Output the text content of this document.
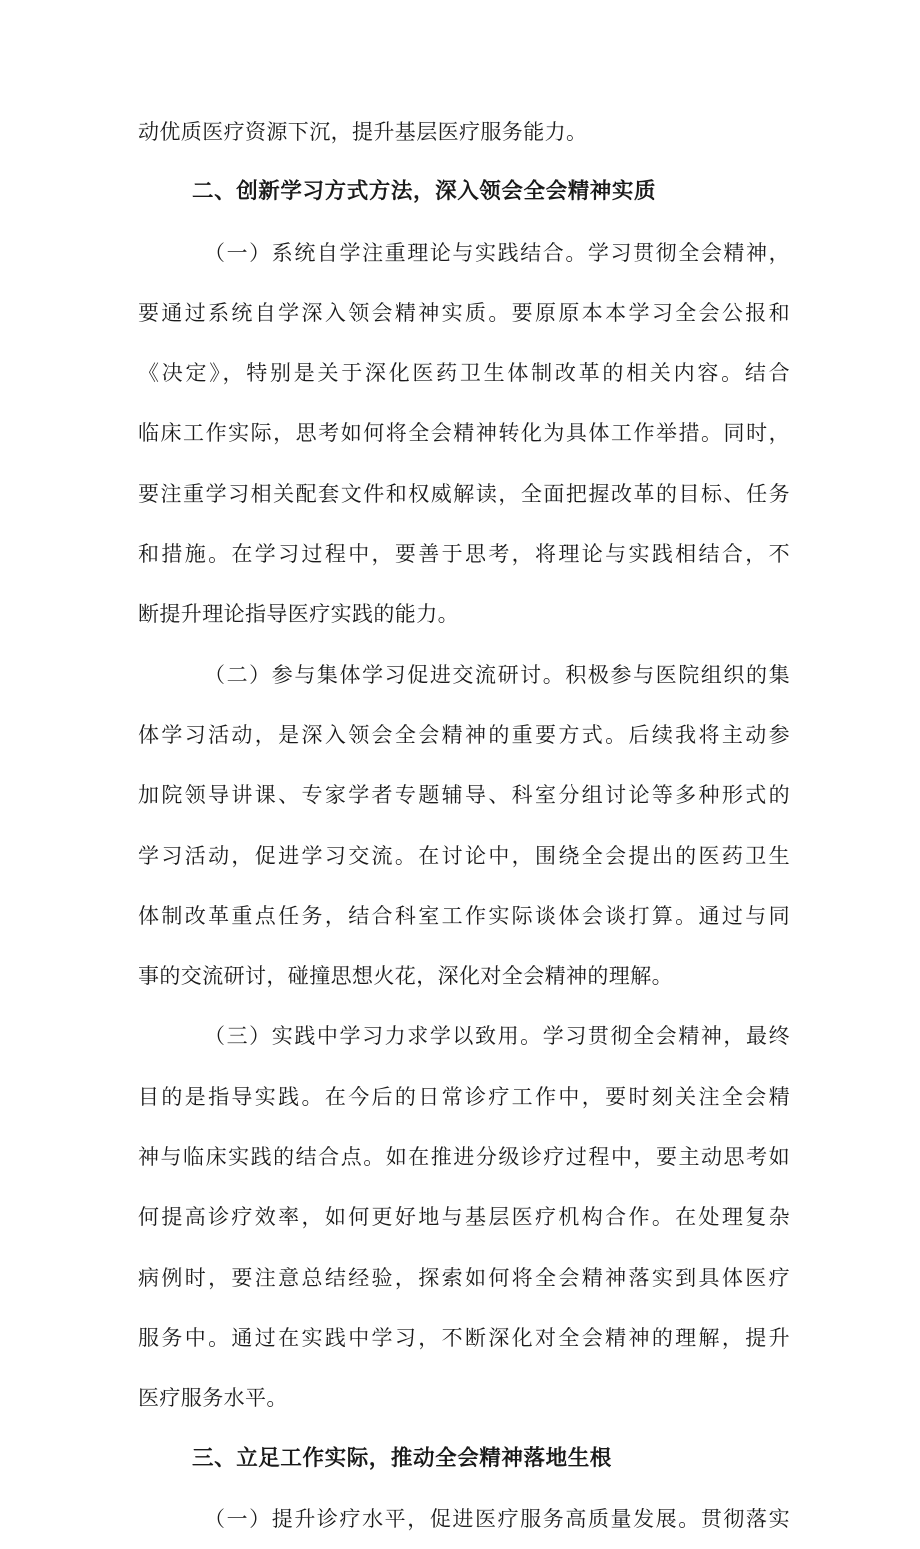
动优质医疗资源下沉，提升基层医疗服务能力。
二、创新学习方式方法，深入领会全会精神实质
（一）系统自学注重理论与实践结合。学习贯彻全会精神，
要通过系统自学深入领会精神实质。要原原本本学习全会公报和
《决定》，特别是关于深化医药卫生体制改革的相关内容。结合
临床工作实际，思考如何将全会精神转化为具体工作举措。同时，
要注重学习相关配套文件和权威解读，全面把握改革的目标、任务
和措施。在学习过程中，要善于思考，将理论与实践相结合，不
断提升理论指导医疗实践的能力。
（二）参与集体学习促进交流研讨。积极参与医院组织的集
体学习活动，是深入领会全会精神的重要方式。后续我将主动参
加院领导讲课、专家学者专题辅导、科室分组讨论等多种形式的
学习活动，促进学习交流。在讨论中，围绕全会提出的医药卫生
体制改革重点任务，结合科室工作实际谈体会谈打算。通过与同
事的交流研讨，碰撞思想火花，深化对全会精神的理解。
（三）实践中学习力求学以致用。学习贯彻全会精神，最终
目的是指导实践。在今后的日常诊疗工作中，要时刻关注全会精
神与临床实践的结合点。如在推进分级诊疗过程中，要主动思考如
何提高诊疗效率，如何更好地与基层医疗机构合作。在处理复杂
病例时，要注意总结经验，探索如何将全会精神落实到具体医疗
服务中。通过在实践中学习，不断深化对全会精神的理解，提升
医疗服务水平。
三、立足工作实际，推动全会精神落地生根
（一）提升诊疗水平，促进医疗服务高质量发展。贯彻落实
